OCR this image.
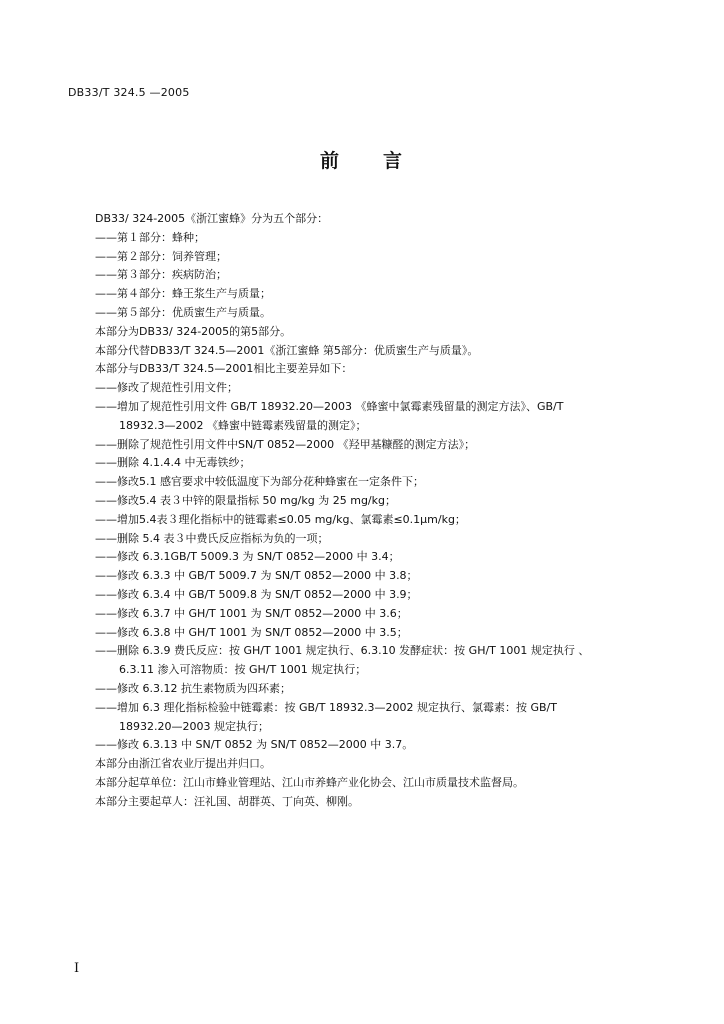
DB33/T 324.5 —2005
前 言
DB33/ 324-2005《浙江蜜蜂》分为五个部分：
——第１部分：蜂种；
——第２部分：饲养管理；
——第３部分：疾病防治；
——第４部分：蜂王浆生产与质量；
——第５部分：优质蜜生产与质量。
本部分为DB33/ 324-2005的第5部分。
本部分代替DB33/T 324.5—2001《浙江蜜蜂 第5部分：优质蜜生产与质量》。
本部分与DB33/T 324.5—2001相比主要差异如下：
——修改了规范性引用文件；
——增加了规范性引用文件 GB/T 18932.20—2003 《蜂蜜中氯霉素残留量的测定方法》、GB/T
18932.3—2002 《蜂蜜中链霉素残留量的测定》；
——删除了规范性引用文件中SN/T 0852—2000 《羟甲基糠醛的测定方法》；
——删除 4.1.4.4 中无毒铁纱；
——修改5.1 感官要求中较低温度下为部分花种蜂蜜在一定条件下；
——修改5.4 表３中锌的限量指标 50 mg/kg 为 25 mg/kg；
——增加5.4表３理化指标中的链霉素≤0.05 mg/kg、氯霉素≤0.1μm/kg；
——删除 5.4 表３中费氏反应指标为负的一项；
——修改 6.3.1GB/T 5009.3 为 SN/T 0852—2000 中 3.4；
——修改 6.3.3 中 GB/T 5009.7 为 SN/T 0852—2000 中 3.8；
——修改 6.3.4 中 GB/T 5009.8 为 SN/T 0852—2000 中 3.9；
——修改 6.3.7 中 GH/T 1001 为 SN/T 0852—2000 中 3.6；
——修改 6.3.8 中 GH/T 1001 为 SN/T 0852—2000 中 3.5；
——删除 6.3.9 费氏反应：按 GH/T 1001 规定执行、6.3.10 发酵症状：按 GH/T 1001 规定执行 、
6.3.11 渗入可溶物质：按 GH/T 1001 规定执行；
——修改 6.3.12 抗生素物质为四环素；
——增加 6.3 理化指标检验中链霉素：按 GB/T 18932.3—2002 规定执行、氯霉素：按 GB/T
18932.20—2003 规定执行；
——修改 6.3.13 中 SN/T 0852 为 SN/T 0852—2000 中 3.7。
本部分由浙江省农业厅提出并归口。
本部分起草单位：江山市蜂业管理站、江山市养蜂产业化协会、江山市质量技术监督局。
本部分主要起草人：汪礼国、胡群英、丁向英、柳刚。
I
